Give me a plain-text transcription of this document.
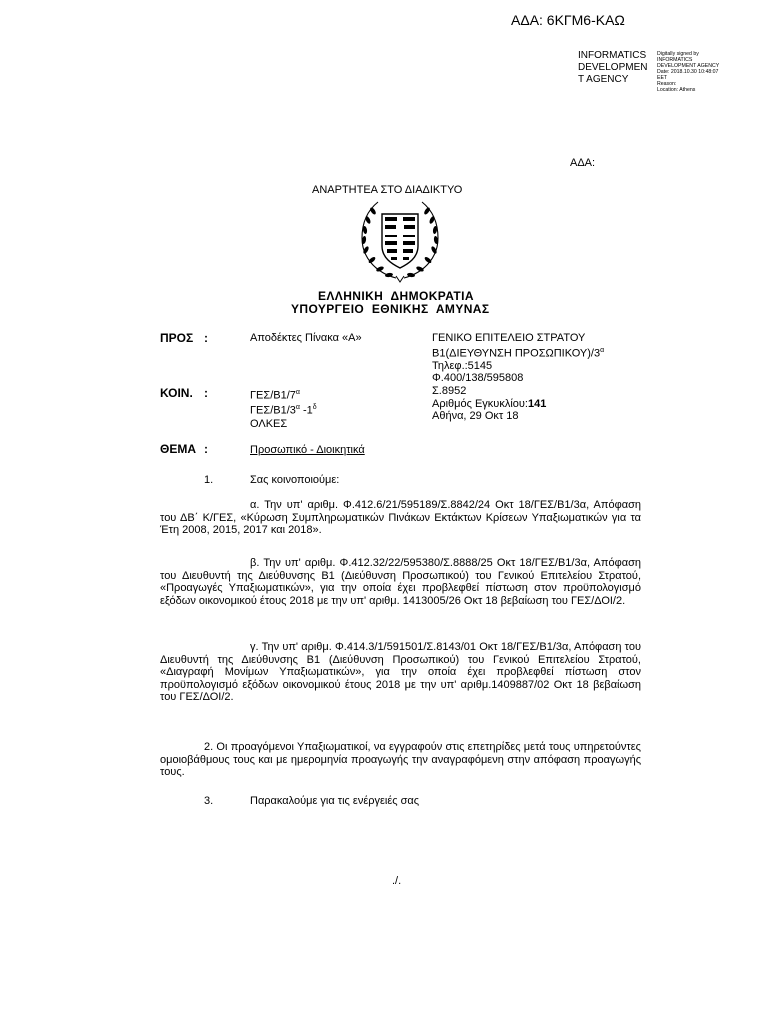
ΑΔΑ: 6ΚΓΜ6-ΚΑΩ
INFORMATICS
DEVELOPMEN
T AGENCY
Digitally signed by
INFORMATICS
DEVELOPMENT AGENCY
Date: 2018.10.30 10:48:07
EET
Reason:
Location: Athens
ΑΔΑ:
ΑΝΑΡΤΗΤΕΑ ΣΤΟ ΔΙΑΔΙΚΤΥΟ
ΕΛΛΗΝΙΚΗ ΔΗΜΟΚΡΑΤΙΑ
ΥΠΟΥΡΓΕΙΟ ΕΘΝΙΚΗΣ ΑΜΥΝΑΣ
ΠΡΟΣ :	Αποδέκτες Πίνακα «Α»	ΓΕΝΙΚΟ ΕΠΙΤΕΛΕΙΟ ΣΤΡΑΤΟΥ
Β1(ΔΙΕΥΘΥΝΣΗ $\Pi PO\Sigma\Omega\Pi IKO\Upsilon)/3^\alpha$
Τηλεφ.:5145
Φ.400/138/595808
Σ.8952
Αριθμός Εγκυκλίου:141
Αθήνα, 29 Οκτ 18
ΚΟΙΝ. :	ΓΕΣ/$B1/7^\alpha$
ΓΕΣ/$B1/3^\alpha$ $-1^\delta$
ΟΛΚΕΣ
ΘΕΜΑ :	Προσωπικό - Διοικητικά
1.	Σας κοινοποιούμε:
α. Την υπ' αριθμ. Φ.412.6/21/595189/Σ.8842/24 Οκτ 18/ΓΕΣ/Β1/3α, Απόφαση του ΔΒ΄ Κ/ΓΕΣ, «Κύρωση Συμπληρωματικών Πινάκων Εκτάκτων Κρίσεων Υπαξιωματικών για τα Έτη 2008, 2015, 2017 και 2018».
β. Την υπ' αριθμ. Φ.412.32/22/595380/Σ.8888/25 Οκτ 18/ΓΕΣ/Β1/3α, Απόφαση του Διευθυντή της Διεύθυνσης Β1 (Διεύθυνση Προσωπικού) του Γενικού Επιτελείου Στρατού, «Προαγωγές Υπαξιωματικών», για την οποία έχει προβλεφθεί πίστωση στον προϋπολογισμό εξόδων οικονομικού έτους 2018 με την υπ' αριθμ. 1413005/26 Οκτ 18 βεβαίωση του ΓΕΣ/ΔΟΙ/2.
γ. Την υπ' αριθμ. Φ.414.3/1/591501/Σ.8143/01 Οκτ 18/ΓΕΣ/Β1/3α, Απόφαση του Διευθυντή της Διεύθυνσης Β1 (Διεύθυνση Προσωπικού) του Γενικού Επιτελείου Στρατού, «Διαγραφή Μονίμων Υπαξιωματικών», για την οποία έχει προβλεφθεί πίστωση στον προϋπολογισμό εξόδων οικονομικού έτους 2018 με την υπ' αριθμ.1409887/02 Οκτ 18 βεβαίωση του ΓΕΣ/ΔΟΙ/2.
2. Οι προαγόμενοι Υπαξιωματικοί, να εγγραφούν στις επετηρίδες μετά τους υπηρετούντες ομοιοβάθμους τους και με ημερομηνία προαγωγής την αναγραφόμενη στην απόφαση προαγωγής τους.
3.	Παρακαλούμε για τις ενέργειές σας
./.
